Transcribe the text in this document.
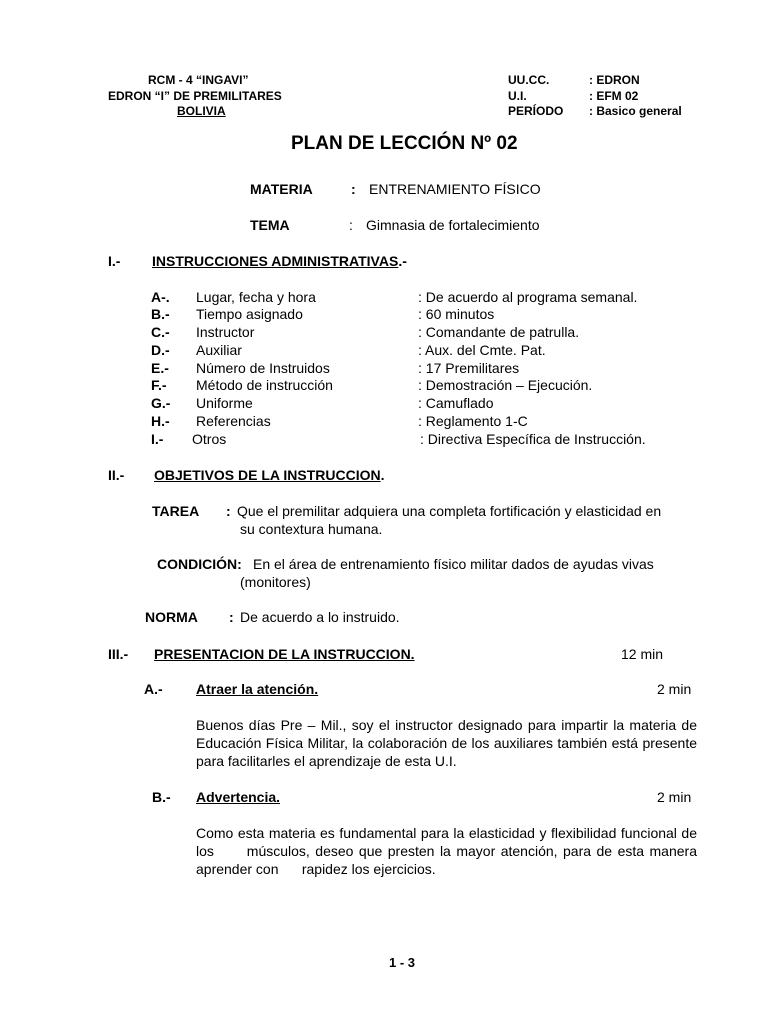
RCM - 4 “INGAVI”
EDRON “I” DE PREMILITARES
BOLIVIA
UU.CC.	: EDRON
U.I.	: EFM 02
PERÍODO : Basico general
PLAN DE LECCIÓN Nº 02
MATERIA	: ENTRENAMIENTO FÍSICO
TEMA	: Gimnasia de fortalecimiento
I.- INSTRUCCIONES ADMINISTRATIVAS.-
A-. Lugar, fecha y hora	: De acuerdo al programa semanal.
B.- Tiempo asignado	: 60 minutos
C.- Instructor	: Comandante de patrulla.
D.- Auxiliar	: Aux. del Cmte. Pat.
E.- Número de Instruidos	: 17 Premilitares
F.- Método de instrucción	: Demostración – Ejecución.
G.- Uniforme	: Camuflado
H.- Referencias	: Reglamento 1-C
I.- Otros	: Directiva Específica de Instrucción.
II.- OBJETIVOS DE LA INSTRUCCION.
TAREA : Que el premilitar adquiera una completa fortificación y elasticidad en
su contextura humana.
CONDICIÓN: En el área de entrenamiento físico militar dados de ayudas vivas
(monitores)
NORMA : De acuerdo a lo instruido.
III.- PRESENTACION DE LA INSTRUCCION.	12 min
A.- Atraer la atención.	2 min
Buenos días Pre – Mil., soy el instructor designado para impartir la materia de Educación Física Militar, la colaboración de los auxiliares también está presente para facilitarles el aprendizaje de esta U.I.
B.- Advertencia.	2 min
Como esta materia es fundamental para la elasticidad y flexibilidad funcional de los      músculos, deseo que presten la mayor atención, para de esta manera aprender con      rapidez los ejercicios.
1 - 3
